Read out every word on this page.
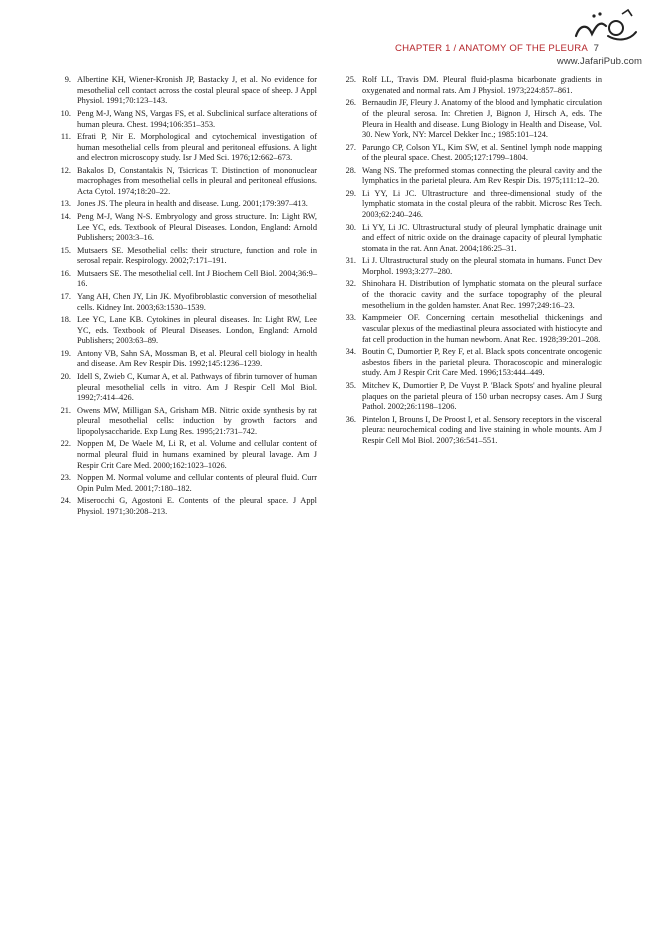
www.JafariPub.com
CHAPTER 1 / ANATOMY OF THE PLEURA 7
9. Albertine KH, Wiener-Kronish JP, Bastacky J, et al. No evidence for mesothelial cell contact across the costal pleural space of sheep. J Appl Physiol. 1991;70:123–143.
10. Peng M-J, Wang NS, Vargas FS, et al. Subclinical surface alterations of human pleura. Chest. 1994;106:351–353.
11. Efrati P, Nir E. Morphological and cytochemical investigation of human mesothelial cells from pleural and peritoneal effusions. A light and electron microscopy study. Isr J Med Sci. 1976;12:662–673.
12. Bakalos D, Constantakis N, Tsicricas T. Distinction of mononuclear macrophages from mesothelial cells in pleural and peritoneal effusions. Acta Cytol. 1974;18:20–22.
13. Jones JS. The pleura in health and disease. Lung. 2001;179:397–413.
14. Peng M-J, Wang N-S. Embryology and gross structure. In: Light RW, Lee YC, eds. Textbook of Pleural Diseases. London, England: Arnold Publishers; 2003:3–16.
15. Mutsaers SE. Mesothelial cells: their structure, function and role in serosal repair. Respirology. 2002;7:171–191.
16. Mutsaers SE. The mesothelial cell. Int J Biochem Cell Biol. 2004;36:9–16.
17. Yang AH, Chen JY, Lin JK. Myofibroblastic conversion of mesothelial cells. Kidney Int. 2003;63:1530–1539.
18. Lee YC, Lane KB. Cytokines in pleural diseases. In: Light RW, Lee YC, eds. Textbook of Pleural Diseases. London, England: Arnold Publishers; 2003:63–89.
19. Antony VB, Sahn SA, Mossman B, et al. Pleural cell biology in health and disease. Am Rev Respir Dis. 1992;145:1236–1239.
20. Idell S, Zwieb C, Kumar A, et al. Pathways of fibrin turnover of human pleural mesothelial cells in vitro. Am J Respir Cell Mol Biol. 1992;7:414–426.
21. Owens MW, Milligan SA, Grisham MB. Nitric oxide synthesis by rat pleural mesothelial cells: induction by growth factors and lipopolysaccharide. Exp Lung Res. 1995;21:731–742.
22. Noppen M, De Waele M, Li R, et al. Volume and cellular content of normal pleural fluid in humans examined by pleural lavage. Am J Respir Crit Care Med. 2000;162:1023–1026.
23. Noppen M. Normal volume and cellular contents of pleural fluid. Curr Opin Pulm Med. 2001;7:180–182.
24. Miserocchi G, Agostoni E. Contents of the pleural space. J Appl Physiol. 1971;30:208–213.
25. Rolf LL, Travis DM. Pleural fluid-plasma bicarbonate gradients in oxygenated and normal rats. Am J Physiol. 1973;224:857–861.
26. Bernaudin JF, Fleury J. Anatomy of the blood and lymphatic circulation of the pleural serosa. In: Chretien J, Bignon J, Hirsch A, eds. The Pleura in Health and disease. Lung Biology in Health and Disease, Vol. 30. New York, NY: Marcel Dekker Inc.; 1985:101–124.
27. Parungo CP, Colson YL, Kim SW, et al. Sentinel lymph node mapping of the pleural space. Chest. 2005;127:1799–1804.
28. Wang NS. The preformed stomas connecting the pleural cavity and the lymphatics in the parietal pleura. Am Rev Respir Dis. 1975;111:12–20.
29. Li YY, Li JC. Ultrastructure and three-dimensional study of the lymphatic stomata in the costal pleura of the rabbit. Microsc Res Tech. 2003;62:240–246.
30. Li YY, Li JC. Ultrastructural study of pleural lymphatic drainage unit and effect of nitric oxide on the drainage capacity of pleural lymphatic stomata in the rat. Ann Anat. 2004;186:25–31.
31. Li J. Ultrastructural study on the pleural stomata in humans. Funct Dev Morphol. 1993;3:277–280.
32. Shinohara H. Distribution of lymphatic stomata on the pleural surface of the thoracic cavity and the surface topography of the pleural mesothelium in the golden hamster. Anat Rec. 1997;249:16–23.
33. Kampmeier OF. Concerning certain mesothelial thickenings and vascular plexus of the mediastinal pleura associated with histiocyte and fat cell production in the human newborn. Anat Rec. 1928;39:201–208.
34. Boutin C, Dumortier P, Rey F, et al. Black spots concentrate oncogenic asbestos fibers in the parietal pleura. Thoracoscopic and mineralogic study. Am J Respir Crit Care Med. 1996;153:444–449.
35. Mitchev K, Dumortier P, De Vuyst P. 'Black Spots' and hyaline pleural plaques on the parietal pleura of 150 urban necropsy cases. Am J Surg Pathol. 2002;26:1198–1206.
36. Pintelon I, Brouns I, De Proost I, et al. Sensory receptors in the visceral pleura: neurochemical coding and live staining in whole mounts. Am J Respir Cell Mol Biol. 2007;36:541–551.
